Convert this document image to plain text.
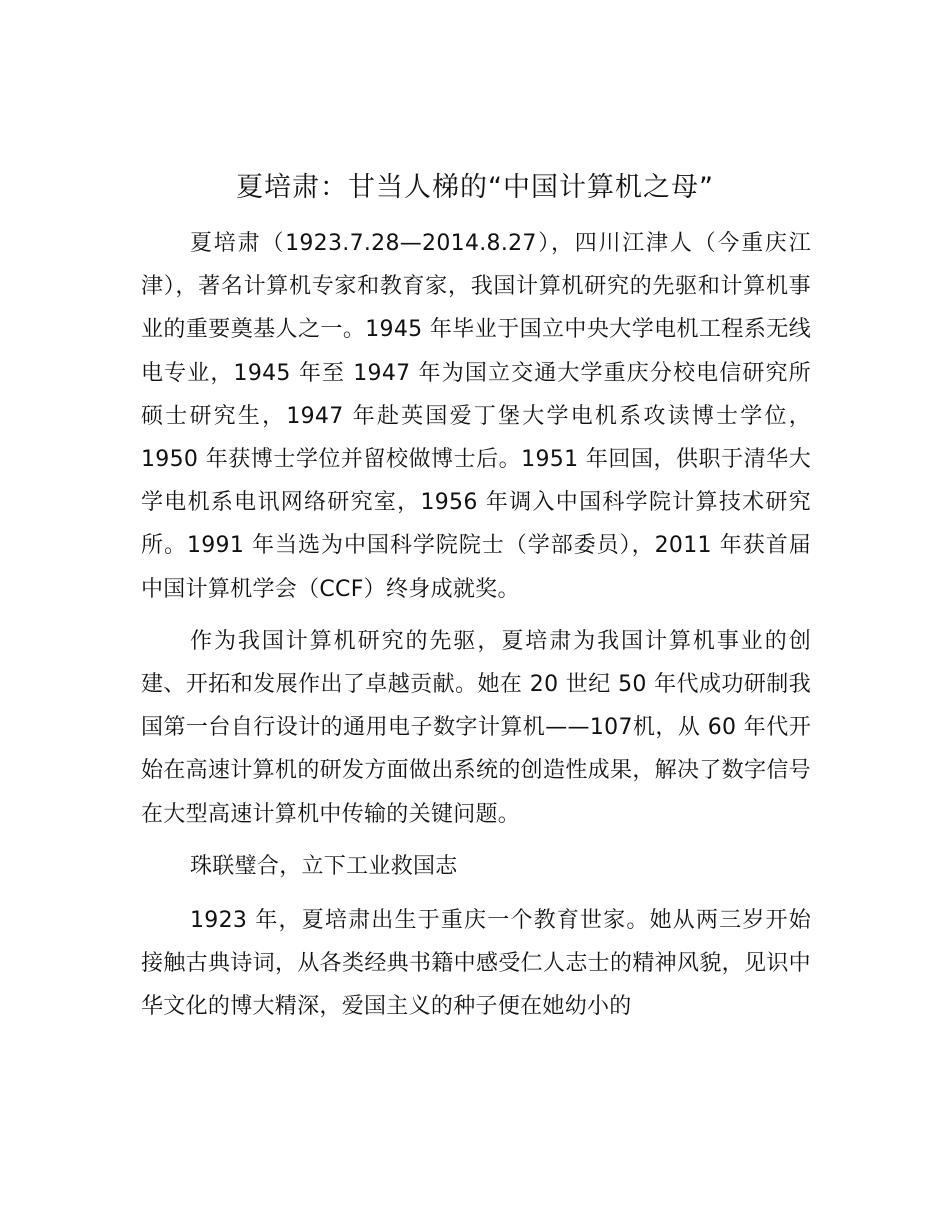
夏培肃：甘当人梯的“中国计算机之母”

夏培肃（1923.7.28—2014.8.27），四川江津人（今重庆江津），著名计算机专家和教育家，我国计算机研究的先驱和计算机事业的重要奠基人之一。1945 年毕业于国立中央大学电机工程系无线电专业，1945 年至 1947 年为国立交通大学重庆分校电信研究所硕士研究生，1947 年赴英国爱丁堡大学电机系攻读博士学位，1950 年获博士学位并留校做博士后。1951 年回国，供职于清华大学电机系电讯网络研究室，1956 年调入中国科学院计算技术研究所。1991 年当选为中国科学院院士（学部委员），2011 年获首届中国计算机学会（CCF）终身成就奖。

作为我国计算机研究的先驱，夏培肃为我国计算机事业的创建、开拓和发展作出了卓越贡献。她在 20 世纪 50 年代成功研制我国第一台自行设计的通用电子数字计算机——107机，从 60 年代开始在高速计算机的研发方面做出系统的创造性成果，解决了数字信号在大型高速计算机中传输的关键问题。

珠联璧合，立下工业救国志

1923 年，夏培肃出生于重庆一个教育世家。她从两三岁开始接触古典诗词，从各类经典书籍中感受仁人志士的精神风貌，见识中华文化的博大精深，爱国主义的种子便在她幼小的
